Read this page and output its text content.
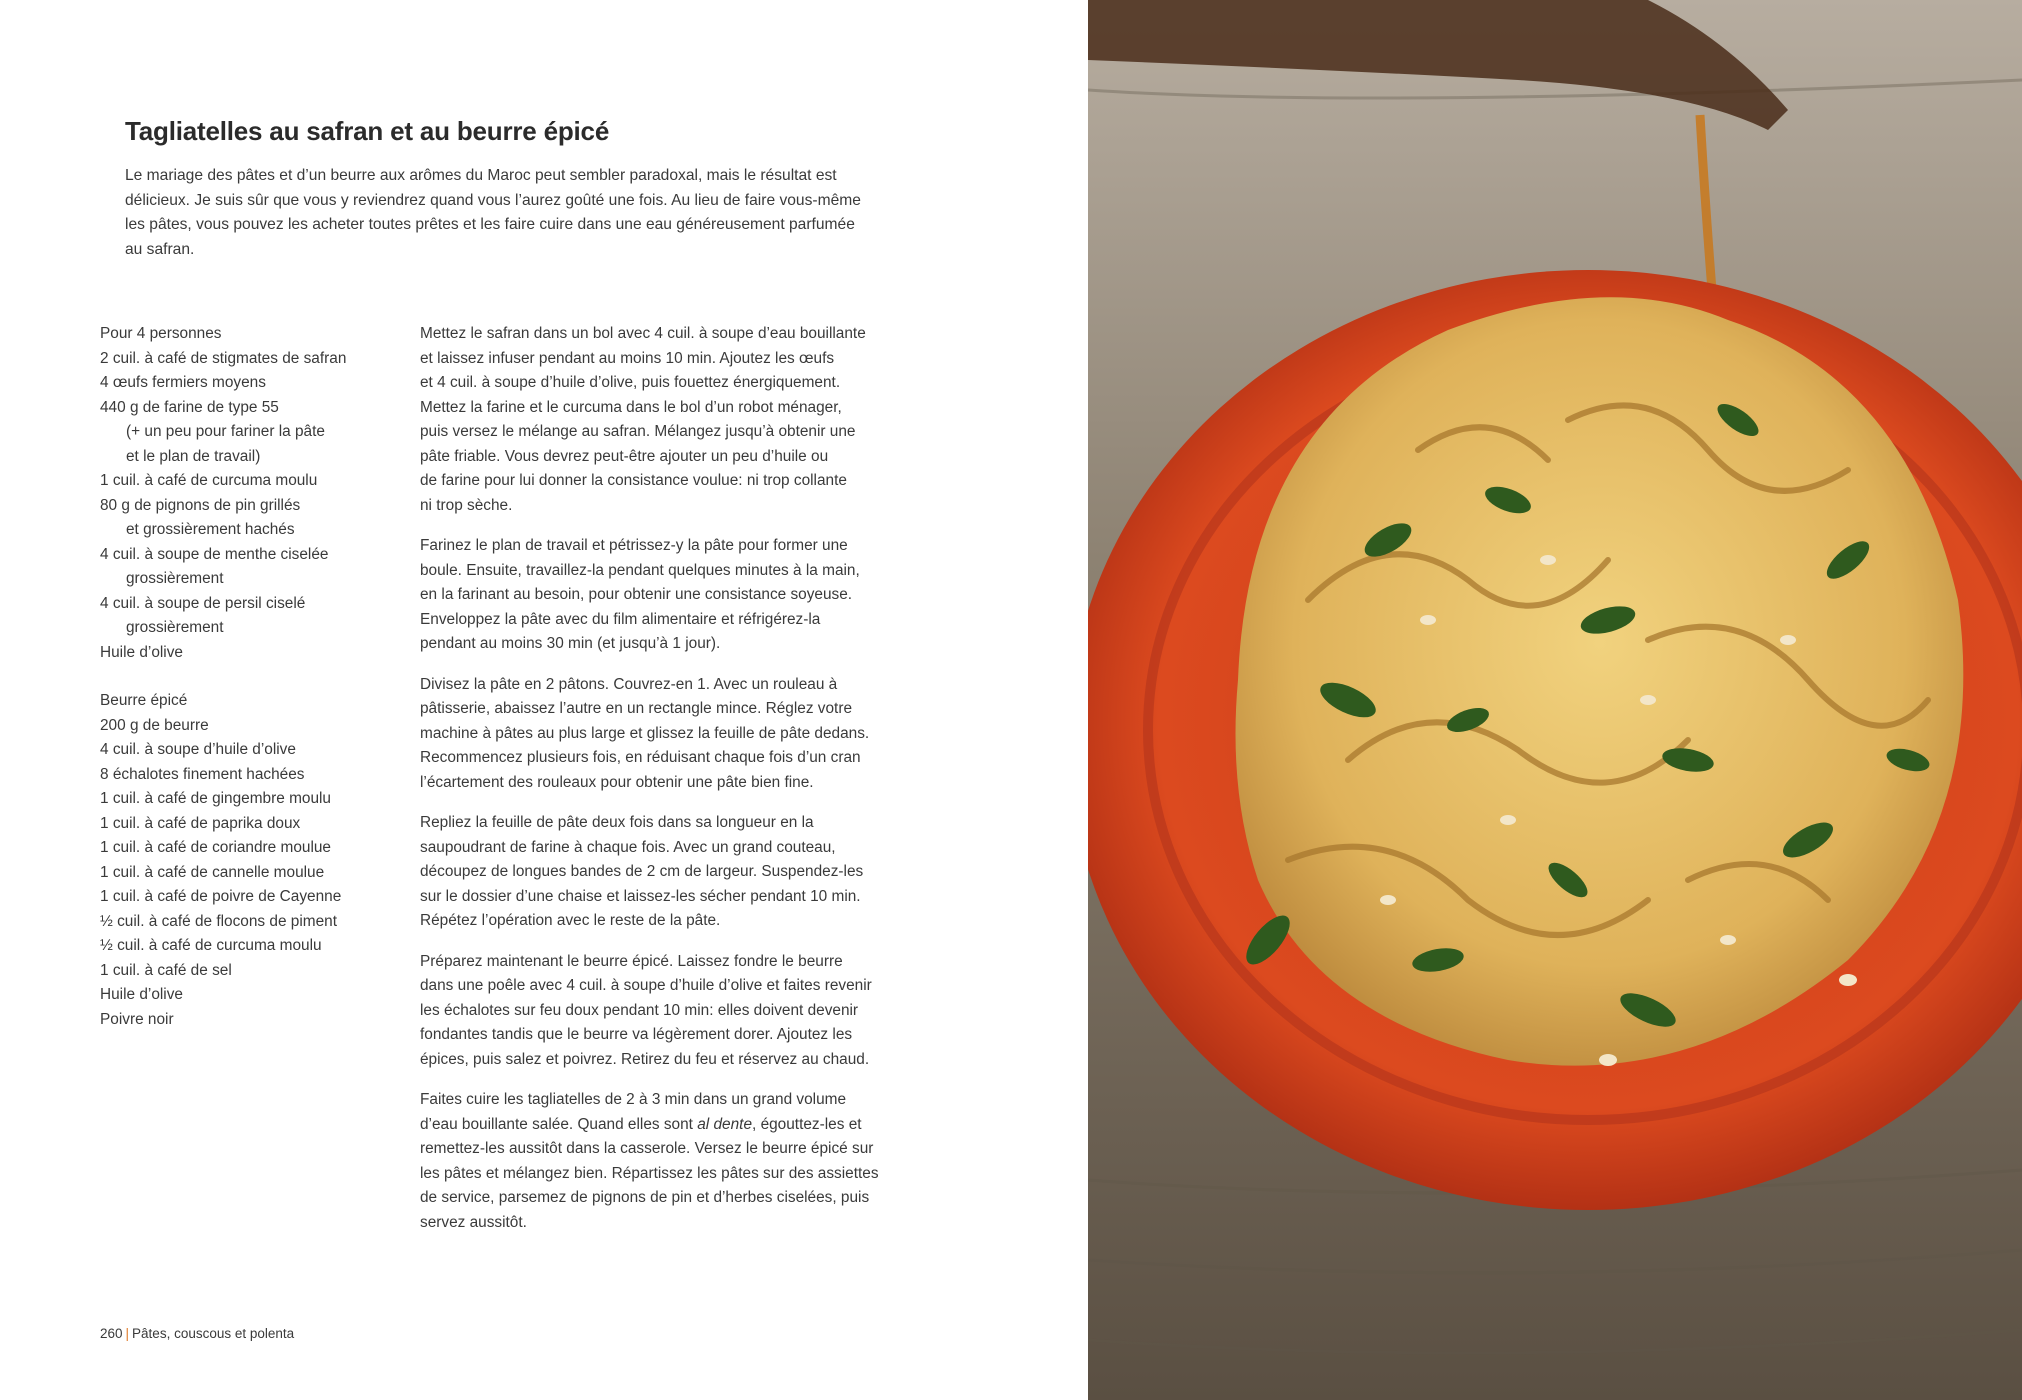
Tagliatelles au safran et au beurre épicé
Le mariage des pâtes et d’un beurre aux arômes du Maroc peut sembler paradoxal, mais le résultat est
délicieux. Je suis sûr que vous y reviendrez quand vous l’aurez goûté une fois. Au lieu de faire vous-même
les pâtes, vous pouvez les acheter toutes prêtes et les faire cuire dans une eau généreusement parfumée
au safran.
Pour 4 personnes
2 cuil. à café de stigmates de safran
4 œufs fermiers moyens
440 g de farine de type 55
(+ un peu pour fariner la pâte
et le plan de travail)
1 cuil. à café de curcuma moulu
80 g de pignons de pin grillés
et grossièrement hachés
4 cuil. à soupe de menthe ciselée
grossièrement
4 cuil. à soupe de persil ciselé
grossièrement
Huile d’olive
Beurre épicé
200 g de beurre
4 cuil. à soupe d’huile d’olive
8 échalotes finement hachées
1 cuil. à café de gingembre moulu
1 cuil. à café de paprika doux
1 cuil. à café de coriandre moulue
1 cuil. à café de cannelle moulue
1 cuil. à café de poivre de Cayenne
½ cuil. à café de flocons de piment
½ cuil. à café de curcuma moulu
1 cuil. à café de sel
Huile d’olive
Poivre noir

Mettez le safran dans un bol avec 4 cuil. à soupe d’eau bouillante
et laissez infuser pendant au moins 10 min. Ajoutez les œufs
et 4 cuil. à soupe d’huile d’olive, puis fouettez énergiquement.
Mettez la farine et le curcuma dans le bol d’un robot ménager,
puis versez le mélange au safran. Mélangez jusqu’à obtenir une
pâte friable. Vous devrez peut-être ajouter un peu d’huile ou
de farine pour lui donner la consistance voulue: ni trop collante
ni trop sèche.

Farinez le plan de travail et pétrissez-y la pâte pour former une
boule. Ensuite, travaillez-la pendant quelques minutes à la main,
en la farinant au besoin, pour obtenir une consistance soyeuse.
Enveloppez la pâte avec du film alimentaire et réfrigérez-la
pendant au moins 30 min (et jusqu’à 1 jour).

Divisez la pâte en 2 pâtons. Couvrez-en 1. Avec un rouleau à
pâtisserie, abaissez l’autre en un rectangle mince. Réglez votre
machine à pâtes au plus large et glissez la feuille de pâte dedans.
Recommencez plusieurs fois, en réduisant chaque fois d’un cran
l’écartement des rouleaux pour obtenir une pâte bien fine.

Repliez la feuille de pâte deux fois dans sa longueur en la
saupoudrant de farine à chaque fois. Avec un grand couteau,
découpez de longues bandes de 2 cm de largeur. Suspendez-les
sur le dossier d’une chaise et laissez-les sécher pendant 10 min.
Répétez l’opération avec le reste de la pâte.

Préparez maintenant le beurre épicé. Laissez fondre le beurre
dans une poêle avec 4 cuil. à soupe d’huile d’olive et faites revenir
les échalotes sur feu doux pendant 10 min: elles doivent devenir
fondantes tandis que le beurre va légèrement dorer. Ajoutez les
épices, puis salez et poivrez. Retirez du feu et réservez au chaud.

Faites cuire les tagliatelles de 2 à 3 min dans un grand volume
d’eau bouillante salée. Quand elles sont al dente, égouttez-les et
remettez-les aussitôt dans la casserole. Versez le beurre épicé sur
les pâtes et mélangez bien. Répartissez les pâtes sur des assiettes
de service, parsemez de pignons de pin et d’herbes ciselées, puis
servez aussitôt.

260 | Pâtes, couscous et polenta
